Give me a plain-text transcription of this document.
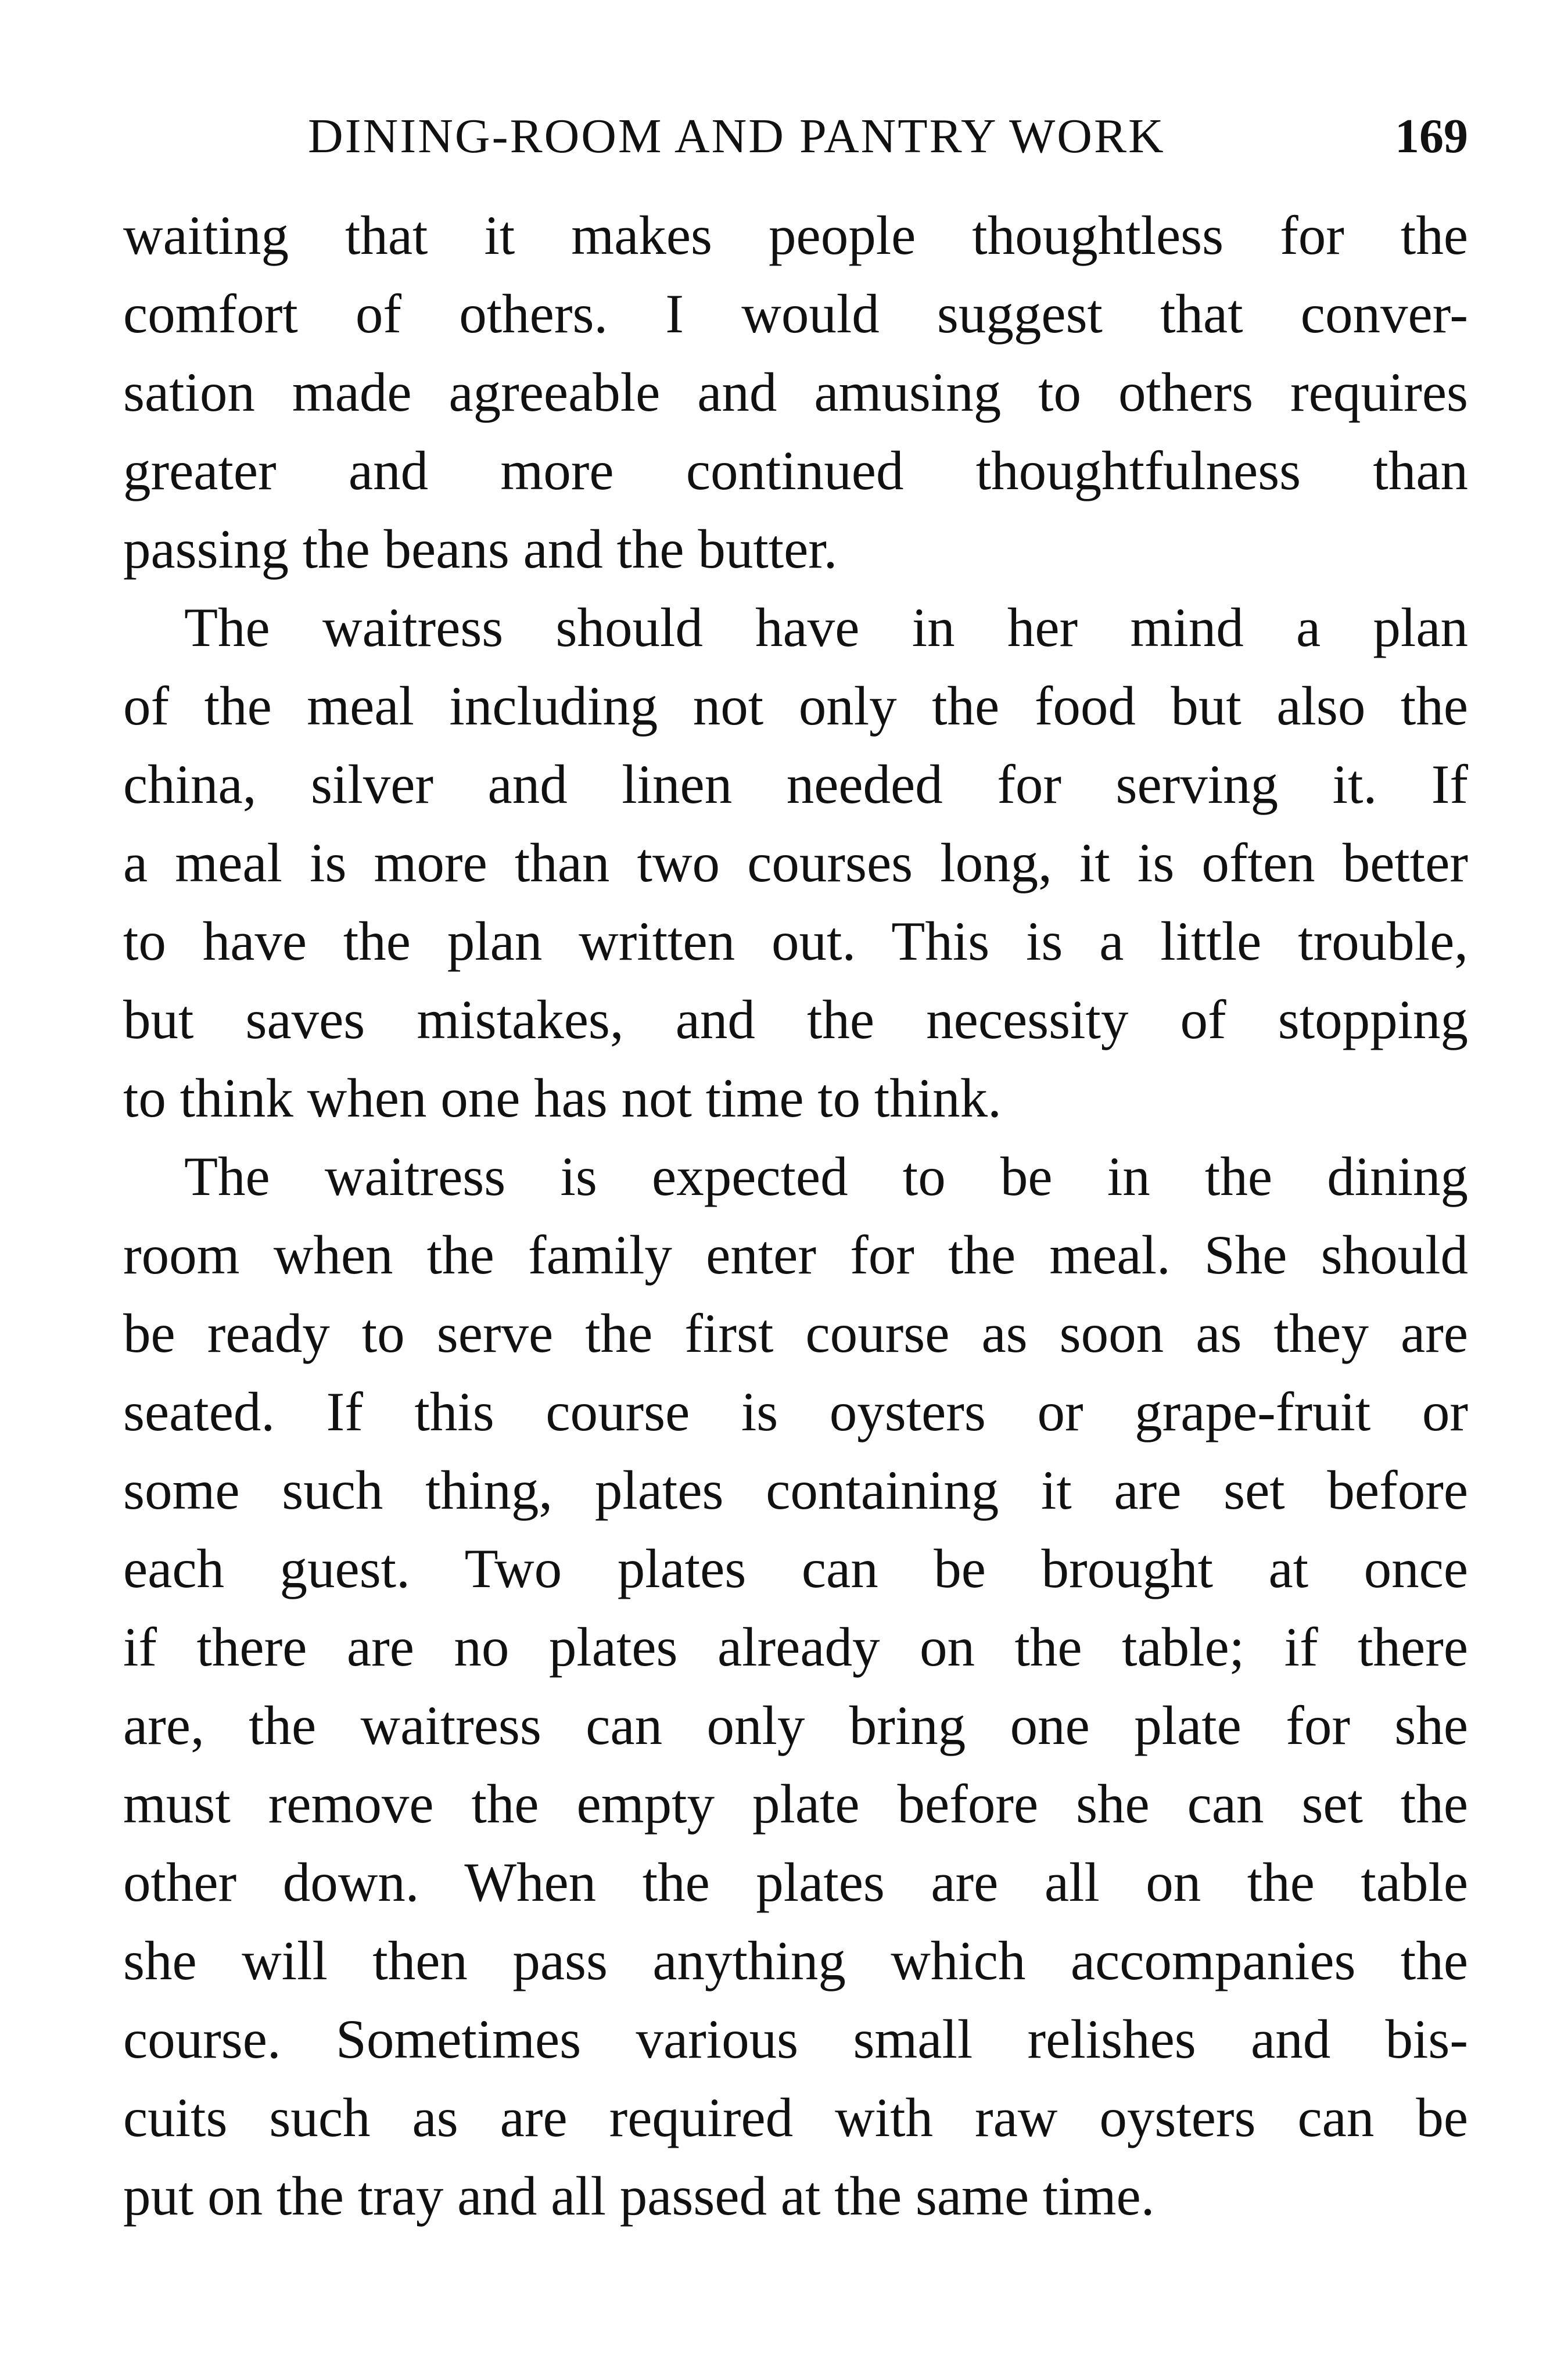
DINING-ROOM AND PANTRY WORK	169
waiting that it makes people thoughtless for the
comfort of others. I would suggest that conver-
sation made agreeable and amusing to others requires
greater and more continued thoughtfulness than
passing the beans and the butter.
The waitress should have in her mind a plan
of the meal including not only the food but also the
china, silver and linen needed for serving it. If
a meal is more than two courses long, it is often better
to have the plan written out. This is a little trouble,
but saves mistakes, and the necessity of stopping
to think when one has not time to think.
The waitress is expected to be in the dining
room when the family enter for the meal. She should
be ready to serve the first course as soon as they are
seated. If this course is oysters or grape-fruit or
some such thing, plates containing it are set before
each guest. Two plates can be brought at once
if there are no plates already on the table; if there
are, the waitress can only bring one plate for she
must remove the empty plate before she can set the
other down. When the plates are all on the table
she will then pass anything which accompanies the
course. Sometimes various small relishes and bis-
cuits such as are required with raw oysters can be
put on the tray and all passed at the same time.
